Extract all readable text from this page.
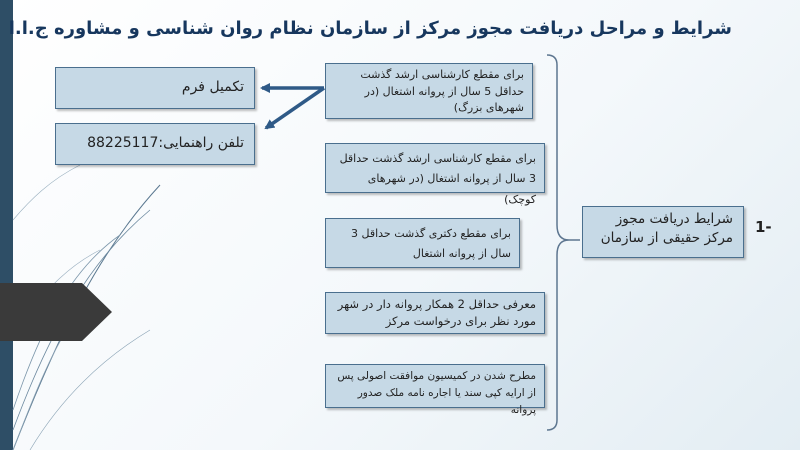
شرایط و مراحل دریافت مجوز مرکز از سازمان نظام روان شناسی و مشاوره ج.ا.ا
برای مقطع کارشناسی ارشد گذشت حداقل 5 سال از پروانه اشتغال (در شهرهای بزرگ)
برای مقطع کارشناسی ارشد گذشت حداقل 3 سال از پروانه اشتغال (در شهرهای کوچک)
برای مقطع دکتری گذشت حداقل 3 سال از پروانه اشتغال
معرفی حداقل 2 همکار پروانه دار در شهر مورد نظر برای درخواست مرکز
مطرح شدن در کمیسیون موافقت اصولی پس از ارایه کپی سند یا اجاره نامه ملک صدور پروانه
تکمیل فرم
تلفن راهنمایی:88225117
شرایط دریافت مجوز مرکز حقیقی از سازمان
1-
